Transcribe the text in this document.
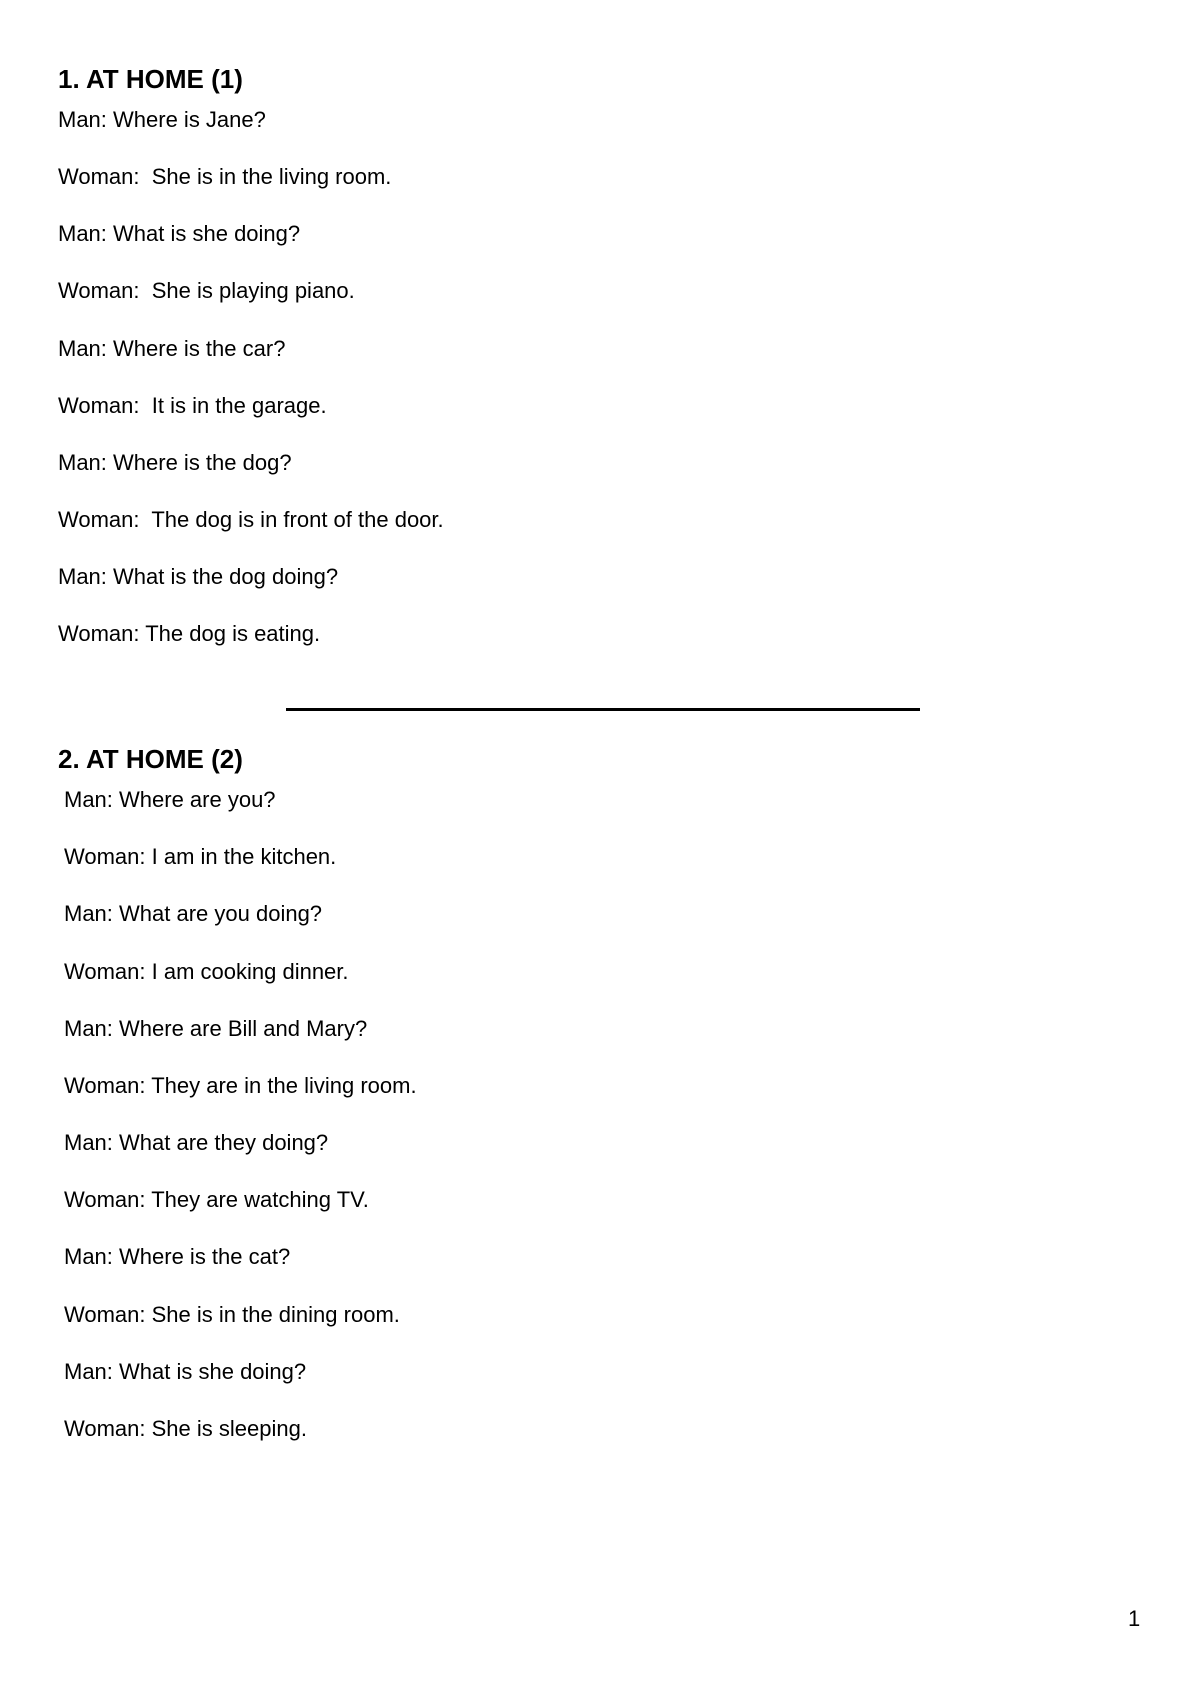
1. AT HOME (1)

Man: Where is Jane?

Woman:  She is in the living room.

Man: What is she doing?

Woman:  She is playing piano.

Man: Where is the car?

Woman:  It is in the garage.

Man: Where is the dog?

Woman:  The dog is in front of the door.

Man: What is the dog doing?

Woman: The dog is eating.

2. AT HOME (2)

Man: Where are you?

Woman: I am in the kitchen.

Man: What are you doing?

Woman: I am cooking dinner.

Man: Where are Bill and Mary?

Woman: They are in the living room.

Man: What are they doing?

Woman: They are watching TV.

Man: Where is the cat?

Woman: She is in the dining room.

Man: What is she doing?

Woman: She is sleeping.

1
